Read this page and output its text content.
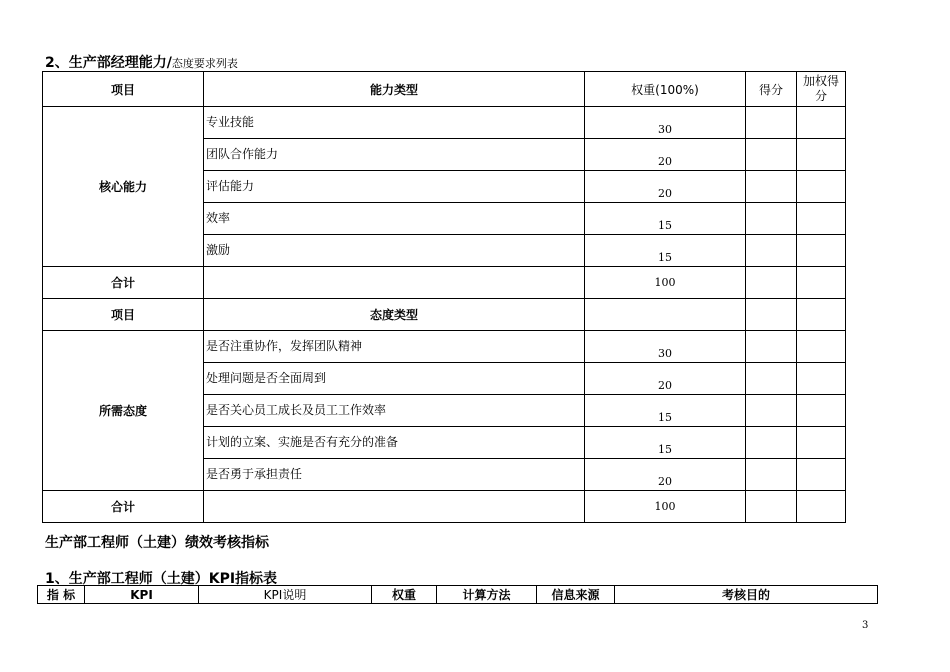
2、生产部经理能力/态度要求列表
项目	能力类型	权重(100%)	得分	加权得分
核心能力	专业技能	30		
	团队合作能力	20		
	评估能力	20		
	效率	15		
	激励	15		
合计		100		
项目	态度类型			
所需态度	是否注重协作，发挥团队精神	30		
	处理问题是否全面周到	20		
	是否关心员工成长及员工工作效率	15		
	计划的立案、实施是否有充分的准备	15		
	是否勇于承担责任	20		
合计		100		
生产部工程师（土建）绩效考核指标
1、生产部工程师（土建）KPI指标表
指 标	KPI	KPI说明	权重	计算方法	信息来源	考核目的
3
